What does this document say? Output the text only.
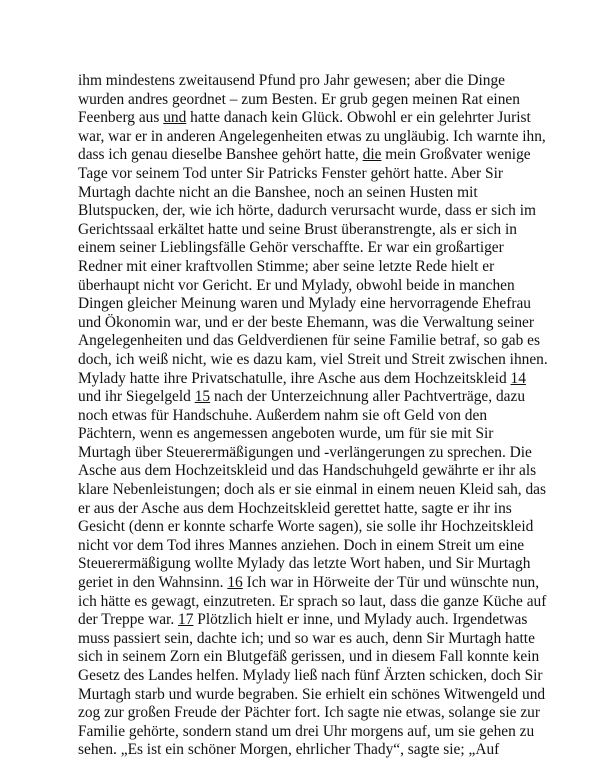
ihm mindestens zweitausend Pfund pro Jahr gewesen; aber die Dinge
wurden andres geordnet – zum Besten. Er grub gegen meinen Rat einen
Feenberg aus und hatte danach kein Glück. Obwohl er ein gelehrter Jurist
war, war er in anderen Angelegenheiten etwas zu ungläubig. Ich warnte ihn,
dass ich genau dieselbe Banshee gehört hatte, die mein Großvater wenige
Tage vor seinem Tod unter Sir Patricks Fenster gehört hatte. Aber Sir
Murtagh dachte nicht an die Banshee, noch an seinen Husten mit
Blutspucken, der, wie ich hörte, dadurch verursacht wurde, dass er sich im
Gerichtssaal erkältet hatte und seine Brust überanstrengte, als er sich in
einem seiner Lieblingsfälle Gehör verschaffte. Er war ein großartiger
Redner mit einer kraftvollen Stimme; aber seine letzte Rede hielt er
überhaupt nicht vor Gericht. Er und Mylady, obwohl beide in manchen
Dingen gleicher Meinung waren und Mylady eine hervorragende Ehefrau
und Ökonomin war, und er der beste Ehemann, was die Verwaltung seiner
Angelegenheiten und das Geldverdienen für seine Familie betraf, so gab es
doch, ich weiß nicht, wie es dazu kam, viel Streit und Streit zwischen ihnen.
Mylady hatte ihre Privatschatulle, ihre Asche aus dem Hochzeitskleid 14
und ihr Siegelgeld 15 nach der Unterzeichnung aller Pachtverträge, dazu
noch etwas für Handschuhe. Außerdem nahm sie oft Geld von den
Pächtern, wenn es angemessen angeboten wurde, um für sie mit Sir
Murtagh über Steuerermäßigungen und -verlängerungen zu sprechen. Die
Asche aus dem Hochzeitskleid und das Handschuhgeld gewährte er ihr als
klare Nebenleistungen; doch als er sie einmal in einem neuen Kleid sah, das
er aus der Asche aus dem Hochzeitskleid gerettet hatte, sagte er ihr ins
Gesicht (denn er konnte scharfe Worte sagen), sie solle ihr Hochzeitskleid
nicht vor dem Tod ihres Mannes anziehen. Doch in einem Streit um eine
Steuerermäßigung wollte Mylady das letzte Wort haben, und Sir Murtagh
geriet in den Wahnsinn. 16 Ich war in Hörweite der Tür und wünschte nun,
ich hätte es gewagt, einzutreten. Er sprach so laut, dass die ganze Küche auf
der Treppe war. 17 Plötzlich hielt er inne, und Mylady auch. Irgendetwas
muss passiert sein, dachte ich; und so war es auch, denn Sir Murtagh hatte
sich in seinem Zorn ein Blutgefäß gerissen, und in diesem Fall konnte kein
Gesetz des Landes helfen. Mylady ließ nach fünf Ärzten schicken, doch Sir
Murtagh starb und wurde begraben. Sie erhielt ein schönes Witwengeld und
zog zur großen Freude der Pächter fort. Ich sagte nie etwas, solange sie zur
Familie gehörte, sondern stand um drei Uhr morgens auf, um sie gehen zu
sehen. „Es ist ein schöner Morgen, ehrlicher Thady“, sagte sie; „Auf
